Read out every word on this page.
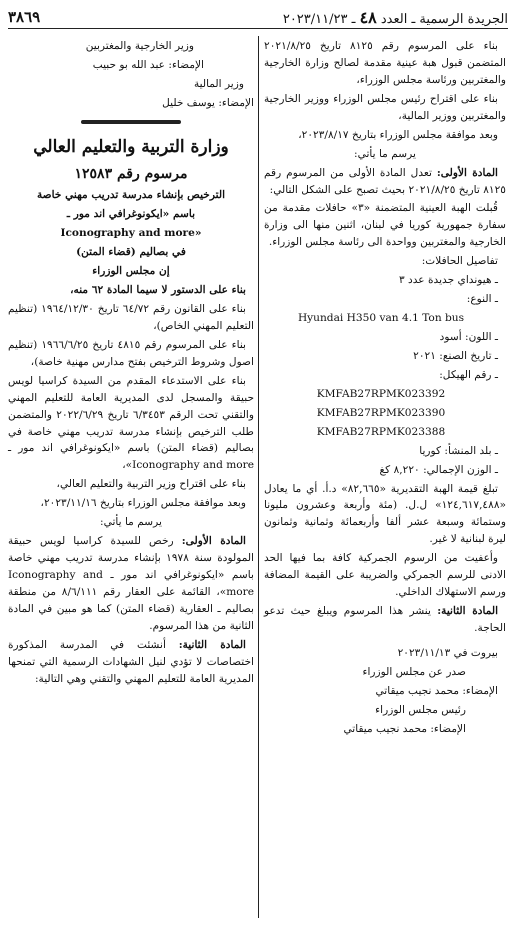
الجريدة الرسمية ـ العدد ٤٨ ـ ٢٠٢٣/١١/٢٣
٣٨٦٩

بناء على المرسوم رقم ٨١٢٥ تاريخ ٢٠٢١/٨/٢٥ المتضمن قبول هبة عينية مقدمة لصالح وزارة الخارجية والمغتربين ورئاسة مجلس الوزراء،

بناء على اقتراح رئيس مجلس الوزراء ووزير الخارجية والمغتربين ووزير المالية،

وبعد موافقة مجلس الوزراء بتاريخ ٢٠٢٣/٨/١٧،

يرسم ما يأتي:

المادة الأولى: تعدل المادة الأولى من المرسوم رقم ٨١٢٥ تاريخ ٢٠٢١/٨/٢٥ بحيث تصبح على الشكل التالي:

قُبلت الهبة العينية المتضمنة «٣» حافلات مقدمة من سفارة جمهورية كوريا في لبنان، اثنين منها الى وزارة الخارجية والمغتربين وواحدة الى رئاسة مجلس الوزراء.

تفاصيل الحافلات:

ـ هيونداي جديدة عدد ٣

ـ النوع:

Hyundai H350 van 4.1 Ton bus

ـ اللون: أسود

ـ تاريخ الصنع: ٢٠٢١

ـ رقم الهيكل:

KMFAB27RPMK023392

KMFAB27RPMK023390

KMFAB27RPMK023388

ـ بلد المنشأ: كوريا

ـ الوزن الإجمالي: ٨,٢٢٠ كغ

تبلغ قيمة الهبة التقديرية «٨٢,٦٦٥» د.أ. أي ما يعادل «١٢٤,٦١٧,٤٨٨» ل.ل. (مئة وأربعة وعشرون مليونا وستمائة وسبعة عشر ألفا وأربعمائة وثمانية وثمانون ليرة لبنانية لا غير.

وأعفيت من الرسوم الجمركية كافة بما فيها الحد الادنى للرسم الجمركي والضريبة على القيمة المضافة ورسم الاستهلاك الداخلي.

المادة الثانية: ينشر هذا المرسوم ويبلغ حيث تدعو الحاجة.

بيروت في ٢٠٢٣/١١/١٣

صدر عن مجلس الوزراء

الإمضاء: محمد نجيب ميقاتي

رئيس مجلس الوزراء

الإمضاء: محمد نجيب ميقاتي

وزير الخارجية والمغتربين

الإمضاء: عبد الله بو حبيب

وزير المالية

الإمضاء: يوسف خليل

وزارة التربية والتعليم العالي

مرسوم رقم ١٢٥٨٣

الترخيص بإنشاء مدرسة تدريب مهني خاصة

باسم «ايكونوغرافي اند مور ـ

Iconography and more»

في بصاليم (قضاء المتن)

إن مجلس الوزراء

بناء على الدستور لا سيما المادة ٦٢ منه،

بناء على القانون رقم ٦٤/٧٢ تاريخ ١٩٦٤/١٢/٣٠ (تنظيم التعليم المهني الخاص)،

بناء على المرسوم رقم ٤٨١٥ تاريخ ١٩٦٦/٦/٢٥ (تنظيم اصول وشروط الترخيص بفتح مدارس مهنية خاصة)،

بناء على الاستدعاء المقدم من السيدة كراسيا لويس حبيقة والمسجل لدى المديرية العامة للتعليم المهني والتقني تحت الرقم ٦/٣٤٥٣ تاريخ ٢٠٢٢/٦/٢٩ والمتضمن طلب الترخيص بإنشاء مدرسة تدريب مهني خاصة في بصاليم (قضاء المتن) باسم «ايكونوغرافي اند مور ـ Iconography and more»،

بناء على اقتراح وزير التربية والتعليم العالي،

وبعد موافقة مجلس الوزراء بتاريخ ٢٠٢٣/١١/١٦،

يرسم ما يأتي:

المادة الأولى: رخص للسيدة كراسيا لويس حبيقة المولودة سنة ١٩٧٨ بإنشاء مدرسة تدريب مهني خاصة باسم «ايكونوغرافي اند مور ـ Iconography and more»، القائمة على العقار رقم ٨/٦/١١١ من منطقة بصاليم ـ العقارية (قضاء المتن) كما هو مبين في المادة الثانية من هذا المرسوم.

المادة الثانية: أنشئت في المدرسة المذكورة اختصاصات لا تؤدي لنيل الشهادات الرسمية التي تمنحها المديرية العامة للتعليم المهني والتقني وهي التالية:
